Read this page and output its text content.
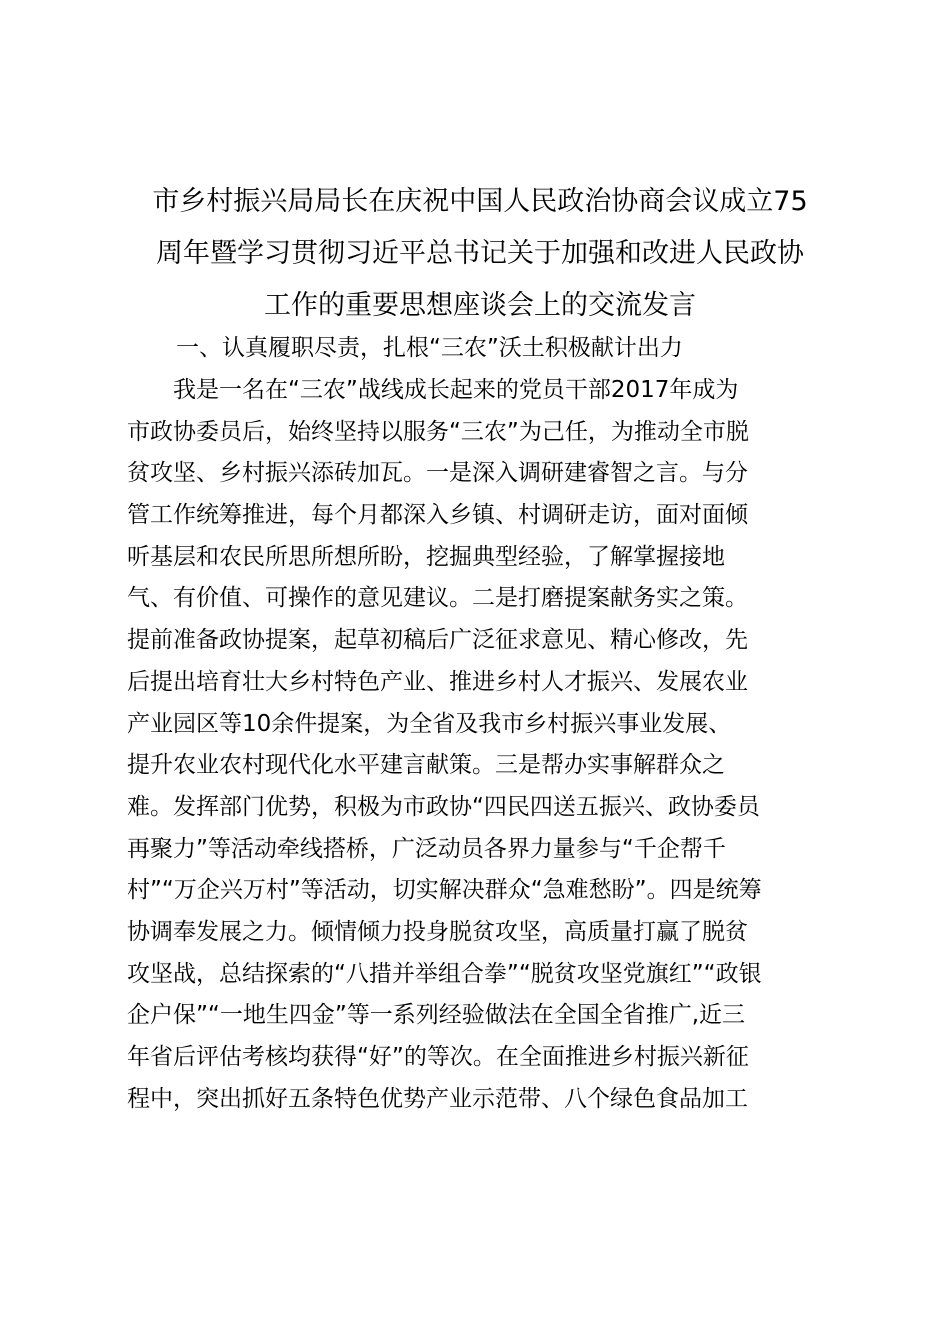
市乡村振兴局局长在庆祝中国人民政治协商会议成立75
周年暨学习贯彻习近平总书记关于加强和改进人民政协
工作的重要思想座谈会上的交流发言
一、认真履职尽责，扎根“三农”沃土积极献计出力
我是一名在“三农”战线成长起来的党员干部2017年成为
市政协委员后，始终坚持以服务“三农”为己任，为推动全市脱
贫攻坚、乡村振兴添砖加瓦。一是深入调研建睿智之言。与分
管工作统筹推进，每个月都深入乡镇、村调研走访，面对面倾
听基层和农民所思所想所盼，挖掘典型经验，了解掌握接地
气、有价值、可操作的意见建议。二是打磨提案献务实之策。
提前准备政协提案，起草初稿后广泛征求意见、精心修改，先
后提出培育壮大乡村特色产业、推进乡村人才振兴、发展农业
产业园区等10余件提案，为全省及我市乡村振兴事业发展、
提升农业农村现代化水平建言献策。三是帮办实事解群众之
难。发挥部门优势，积极为市政协“四民四送五振兴、政协委员
再聚力”等活动牵线搭桥，广泛动员各界力量参与“千企帮千
村”“万企兴万村”等活动，切实解决群众“急难愁盼”。四是统筹
协调奉发展之力。倾情倾力投身脱贫攻坚，高质量打赢了脱贫
攻坚战，总结探索的“八措并举组合拳”“脱贫攻坚党旗红”“政银
企户保”“一地生四金”等一系列经验做法在全国全省推广,近三
年省后评估考核均获得“好”的等次。在全面推进乡村振兴新征
程中，突出抓好五条特色优势产业示范带、八个绿色食品加工
